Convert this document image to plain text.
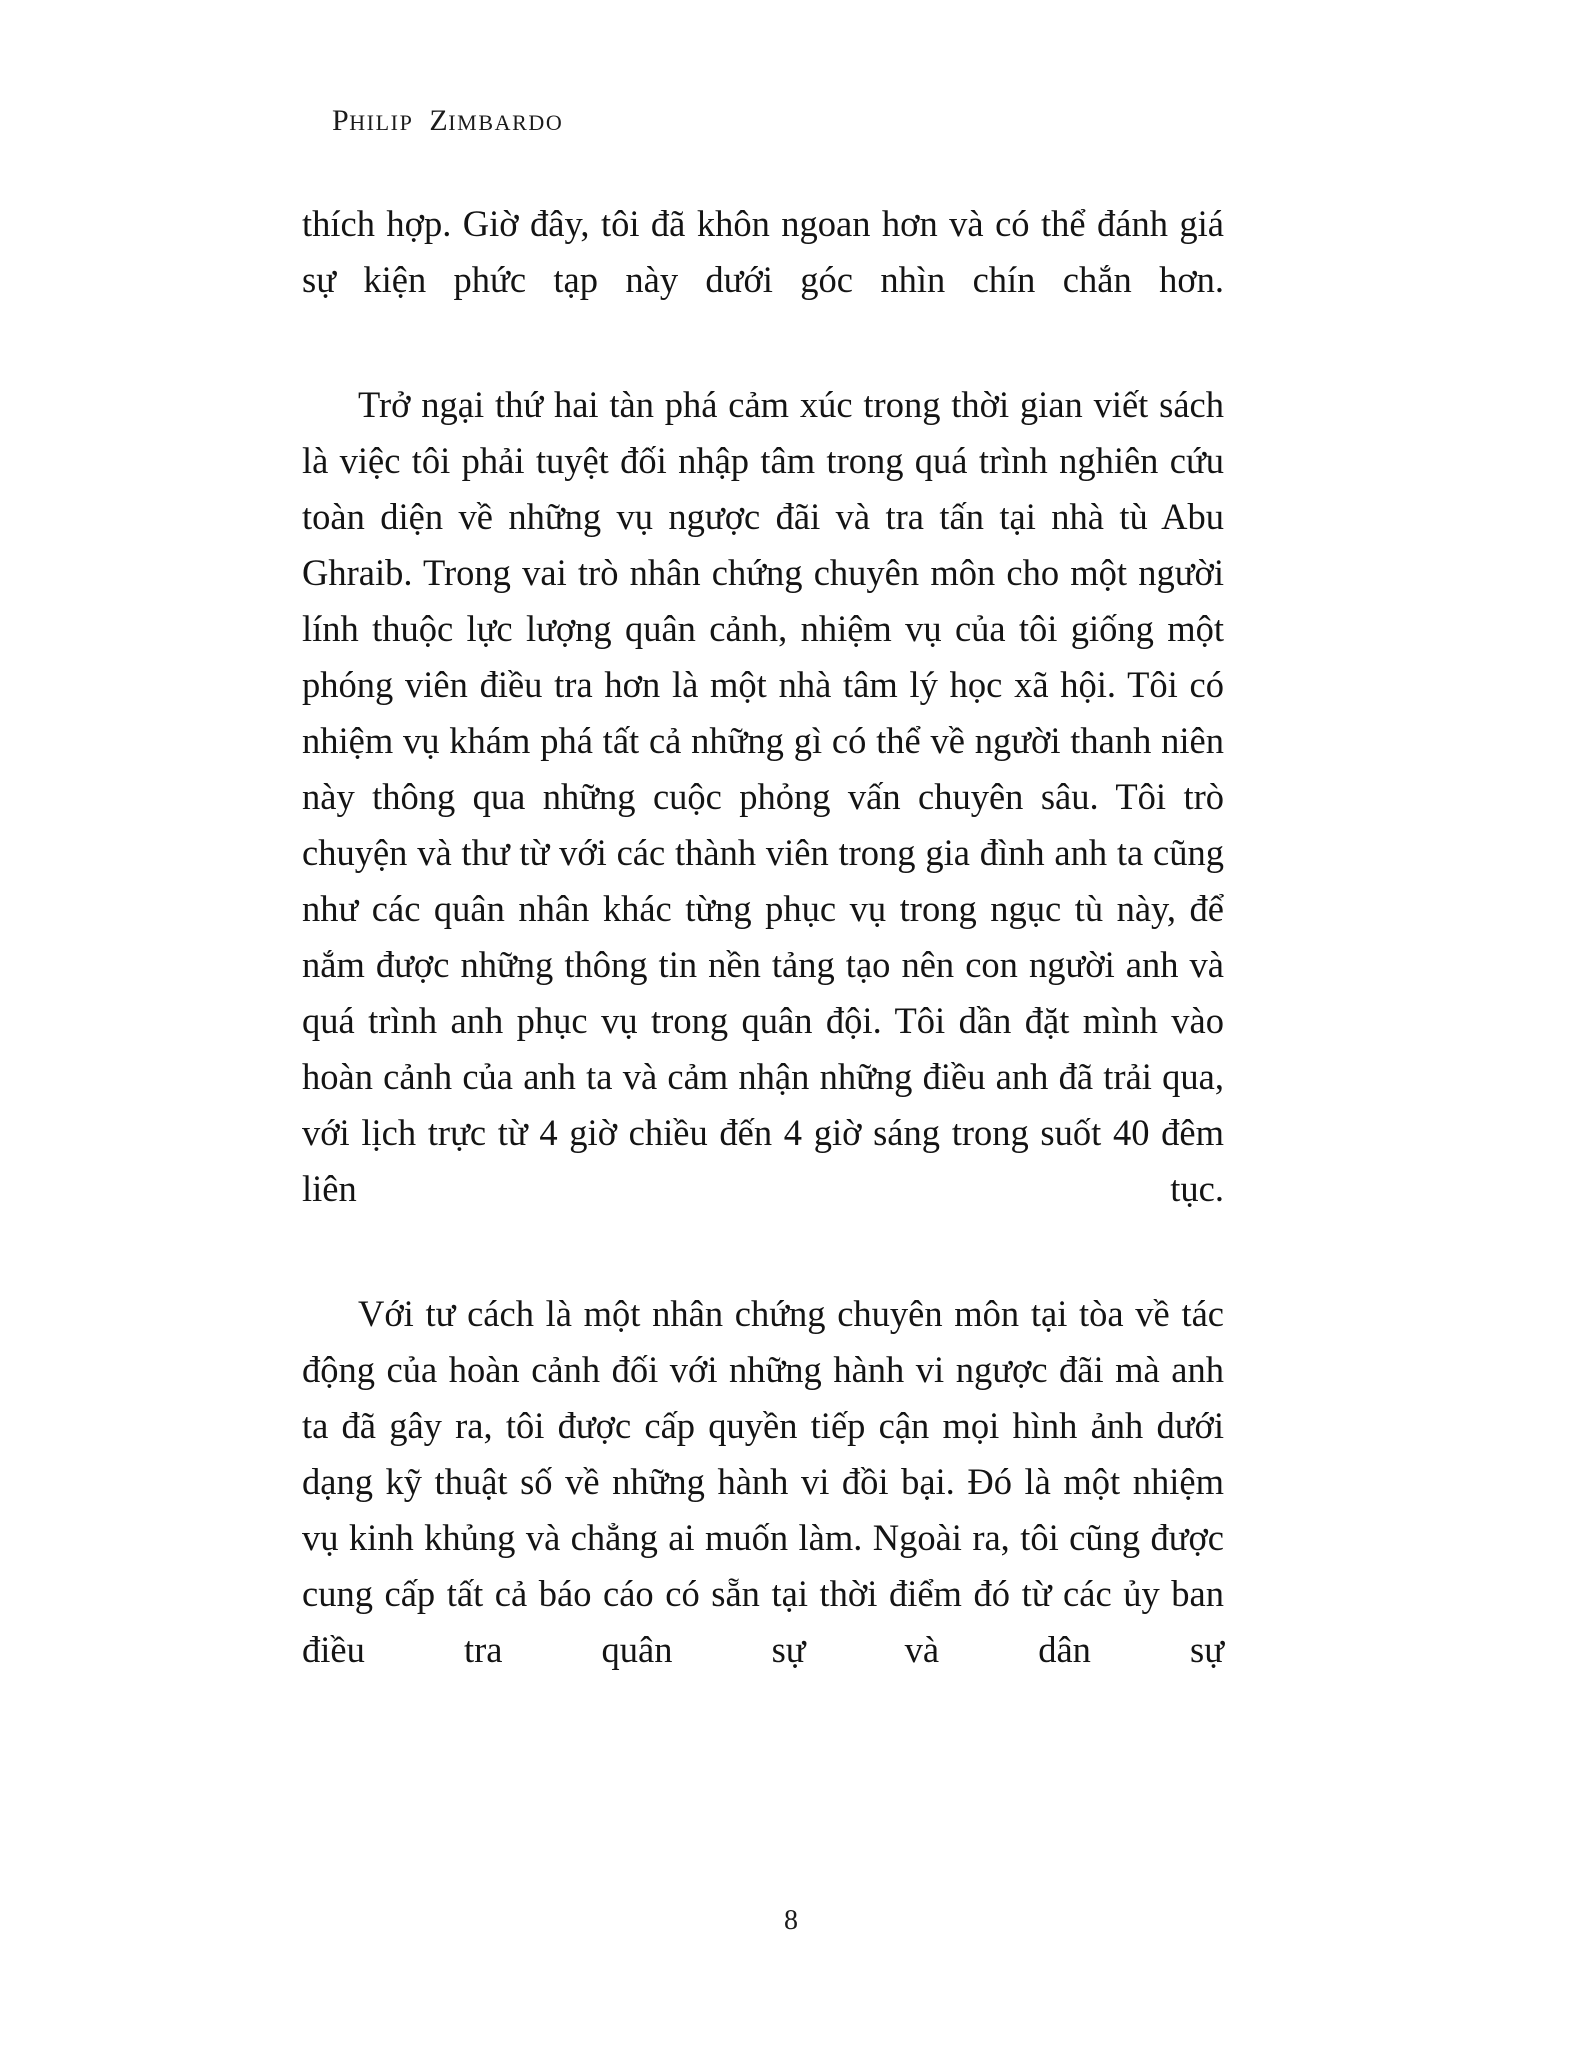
PHILIP ZIMBARDO

thích hợp. Giờ đây, tôi đã khôn ngoan hơn và có thể đánh giá sự kiện phức tạp này dưới góc nhìn chín chắn hơn.

Trở ngại thứ hai tàn phá cảm xúc trong thời gian viết sách là việc tôi phải tuyệt đối nhập tâm trong quá trình nghiên cứu toàn diện về những vụ ngược đãi và tra tấn tại nhà tù Abu Ghraib. Trong vai trò nhân chứng chuyên môn cho một người lính thuộc lực lượng quân cảnh, nhiệm vụ của tôi giống một phóng viên điều tra hơn là một nhà tâm lý học xã hội. Tôi có nhiệm vụ khám phá tất cả những gì có thể về người thanh niên này thông qua những cuộc phỏng vấn chuyên sâu. Tôi trò chuyện và thư từ với các thành viên trong gia đình anh ta cũng như các quân nhân khác từng phục vụ trong ngục tù này, để nắm được những thông tin nền tảng tạo nên con người anh và quá trình anh phục vụ trong quân đội. Tôi dần đặt mình vào hoàn cảnh của anh ta và cảm nhận những điều anh đã trải qua, với lịch trực từ 4 giờ chiều đến 4 giờ sáng trong suốt 40 đêm liên tục.

Với tư cách là một nhân chứng chuyên môn tại tòa về tác động của hoàn cảnh đối với những hành vi ngược đãi mà anh ta đã gây ra, tôi được cấp quyền tiếp cận mọi hình ảnh dưới dạng kỹ thuật số về những hành vi đồi bại. Đó là một nhiệm vụ kinh khủng và chẳng ai muốn làm. Ngoài ra, tôi cũng được cung cấp tất cả báo cáo có sẵn tại thời điểm đó từ các ủy ban điều tra quân sự và dân sự

8
